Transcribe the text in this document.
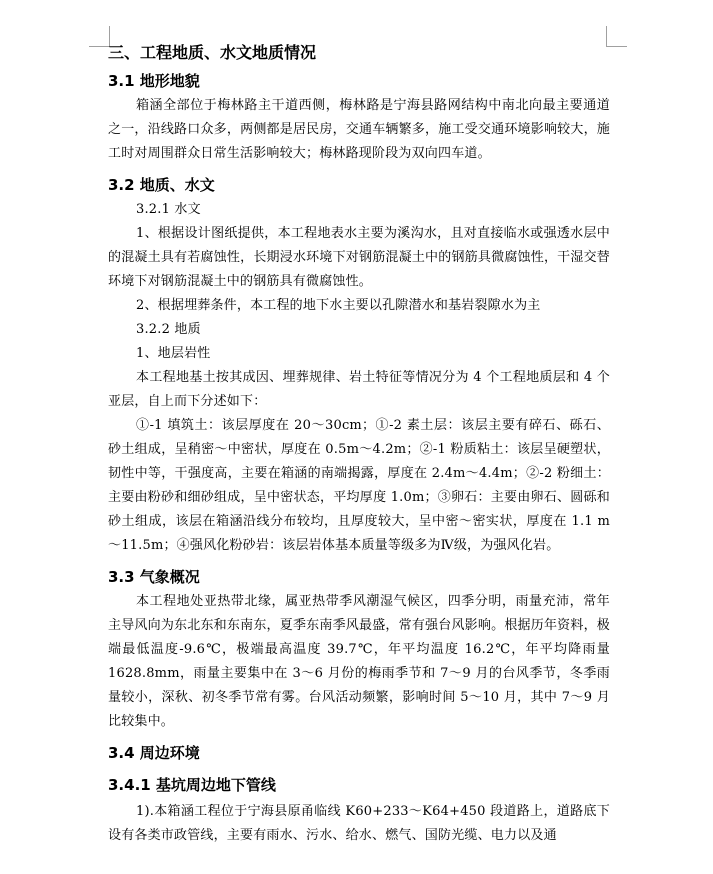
三、工程地质、水文地质情况
3.1 地形地貌

箱涵全部位于梅林路主干道西侧，梅林路是宁海县路网结构中南北向最主要通道之一，沿线路口众多，两侧都是居民房，交通车辆繁多，施工受交通环境影响较大，施工时对周围群众日常生活影响较大；梅林路现阶段为双向四车道。

3.2 地质、水文

3.2.1 水文

1、根据设计图纸提供，本工程地表水主要为溪沟水，且对直接临水或强透水层中的混凝土具有若腐蚀性，长期浸水环境下对钢筋混凝土中的钢筋具微腐蚀性，干湿交替环境下对钢筋混凝土中的钢筋具有微腐蚀性。

2、根据埋葬条件，本工程的地下水主要以孔隙潜水和基岩裂隙水为主

3.2.2 地质

1、地层岩性

本工程地基土按其成因、埋葬规律、岩土特征等情况分为 4 个工程地质层和 4 个亚层，自上而下分述如下：

①-1 填筑土：该层厚度在 20～30cm；①-2 素土层：该层主要有碎石、砾石、砂土组成，呈稍密～中密状，厚度在 0.5m～4.2m；②-1 粉质粘土：该层呈硬塑状，韧性中等，干强度高，主要在箱涵的南端揭露，厚度在 2.4m～4.4m；②-2 粉细土：主要由粉砂和细砂组成，呈中密状态，平均厚度 1.0m；③卵石：主要由卵石、圆砾和砂土组成，该层在箱涵沿线分布较均，且厚度较大，呈中密～密实状，厚度在 1.1 m～11.5m；④强风化粉砂岩：该层岩体基本质量等级多为Ⅳ级，为强风化岩。

3.3 气象概况

本工程地处亚热带北缘，属亚热带季风潮湿气候区，四季分明，雨量充沛，常年主导风向为东北东和东南东，夏季东南季风最盛，常有强台风影响。根据历年资料，极端最低温度-9.6℃，极端最高温度 39.7℃，年平均温度 16.2℃，年平均降雨量 1628.8mm，雨量主要集中在 3～6 月份的梅雨季节和 7～9 月的台风季节，冬季雨量较小，深秋、初冬季节常有雾。台风活动频繁，影响时间 5～10 月，其中 7～9 月比较集中。

3.4 周边环境
3.4.1 基坑周边地下管线

1).本箱涵工程位于宁海县原甬临线 K60+233～K64+450 段道路上，道路底下设有各类市政管线，主要有雨水、污水、给水、燃气、国防光缆、电力以及通
